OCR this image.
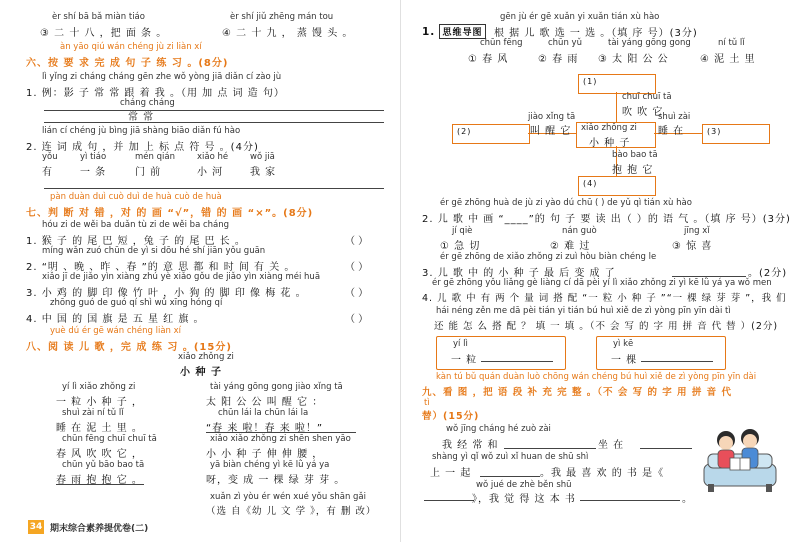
èr shí bā bǎ miàn tiáo
③ 二 十 八 ，把 面 条 。
èr shí jiǔ zhēng mán tou
④ 二 十 九 ， 蒸 馒 头 。
àn yāo qiú wán chéng jù zi liàn xí
六、按 要 求 完 成 句 子 练 习 。(8分)
lì yǐng zi cháng cháng gēn zhe wǒ yòng jiā diǎn cí zào jù
1. 例：影 子 常 常 跟 着 我 。（用 加 点 词 造 句）
cháng cháng
常 常
lián cí chéng jù bìng jiā shàng biāo diǎn fú hào
2. 连 词 成 句 ，并 加 上 标 点 符 号 。(4分)
yǒu
有
yì tiáo
一 条
mén qián
门 前
xiǎo hé
小 河
wǒ jiā
我 家
pàn duàn duì cuò duì de huà cuò de huà
七、判 断 对 错 ，对 的 画 “√”，错 的 画 “×”。(8分)
hóu zi de wěi ba duǎn tù zi de wěi ba cháng
1. 猴 子 的 尾 巴 短 ，兔 子 的 尾 巴 长 。	（ ）
míng wǎn zuó chūn de yì si dōu hé shí jiān yǒu guān
2. “明 、晚 、昨 、春 ”的 意 思 都 和 时 间 有 关 。	（ ）
xiǎo jī de jiǎo yìn xiàng zhú yè xiǎo gǒu de jiǎo yìn xiàng méi huā
3. 小 鸡 的 脚 印 像 竹 叶 ，小 狗 的 脚 印 像 梅 花 。	（ ）
zhōng guó de guó qí shì wǔ xīng hóng qí
4. 中 国 的 国 旗 是 五 星 红 旗 。	（ ）
yuè dú ér gē wán chéng liàn xí
八、阅 读 儿 歌 ，完 成 练 习 。(15分)
xiǎo zhǒng zi
小 种 子
yí lì xiǎo zhǒng zi
一 粒 小 种 子 ，
shuì zài ní tǔ lǐ
睡 在 泥 土 里 。
chūn fēng chuī chuī tā
春 风 吹 吹 它 ，
chūn yǔ bāo bao tā
春 雨 抱 抱 它 。
tài yáng gōng gong jiào xǐng tā
太 阳 公 公 叫 醒 它 ：
chūn lái la chūn lái la
“春 来 啦！春 来 啦！”
xiǎo xiǎo zhǒng zi shēn shen yāo
小 小 种 子 伸 伸 腰 ，
yā biàn chéng yì kē lǜ yá ya
呀，变 成 一 棵 绿 芽 芽 。
xuǎn zì yòu ér wén xué yǒu shān gǎi
（选 自《幼 儿 文 学 》，有 删 改）
34 期末综合素养提优卷(二)
gēn jù ér gē xuǎn yi xuǎn tián xù hào
1. 思维导图	根 据 儿 歌 选 一 选 。（填 序 号）(3分)
chūn fēng
① 春 风
chūn yǔ
② 春 雨
tài yáng gōng gong
③ 太 阳 公 公
ní tǔ lǐ
④ 泥 土 里
(1)
chuī chuī tā
吹 吹 它
(2)
jiào xǐng tā
叫 醒 它 xiǎo zhǒng zi
小 种 子
shuì zài
睡 在	(3)
bào bao tā
抱 抱 它
(4)
ér gē zhōng huà de jù zi yào dú chū ( ) de yǔ qì tián xù hào
2. 儿 歌 中 画 “____”的 句 子 要 读 出（ ）的 语 气 。（填 序 号）(3分)
jí qiè
① 急 切
nán guò
② 难 过
jīng xǐ
③ 惊 喜
ér gē zhōng de xiǎo zhǒng zi zuì hòu biàn chéng le
3. 儿 歌 中 的 小 种 子 最 后 变 成 了	。(2分)
ér gē zhōng yǒu liǎng gè liàng cí dā pèi yí lì xiǎo zhǒng zi yì kē lǜ yá ya wǒ men
4. 儿 歌 中 有 两 个 量 词 搭 配 “一 粒 小 种 子 ”“一 棵 绿 芽 芽 ”，我 们
hái néng zěn me dā pèi tián yi tián bú huì xiě de zì yòng pīn yīn dài tì
还 能 怎 么 搭 配 ？ 填 一 填 。（不 会 写 的 字 用 拼 音 代 替 ）(2分)
yí lì
一 粒
yì kē
一 棵
kàn tú bǔ quán duàn luò chōng wán chéng bú huì xiě de zì yòng pīn yīn dài
九、看 图 ，把 语 段 补 充 完 整 。（不 会 写 的 字 用 拼 音 代
tì
替）(15分)
wǒ jīng cháng hé zuò zài
我 经 常 和	坐 在
shàng yì qǐ wǒ zuì xǐ huan de shū shì
上 一 起	。我 最 喜 欢 的 书 是《
wǒ jué de zhè běn shū
》，我 觉 得 这 本 书	。
